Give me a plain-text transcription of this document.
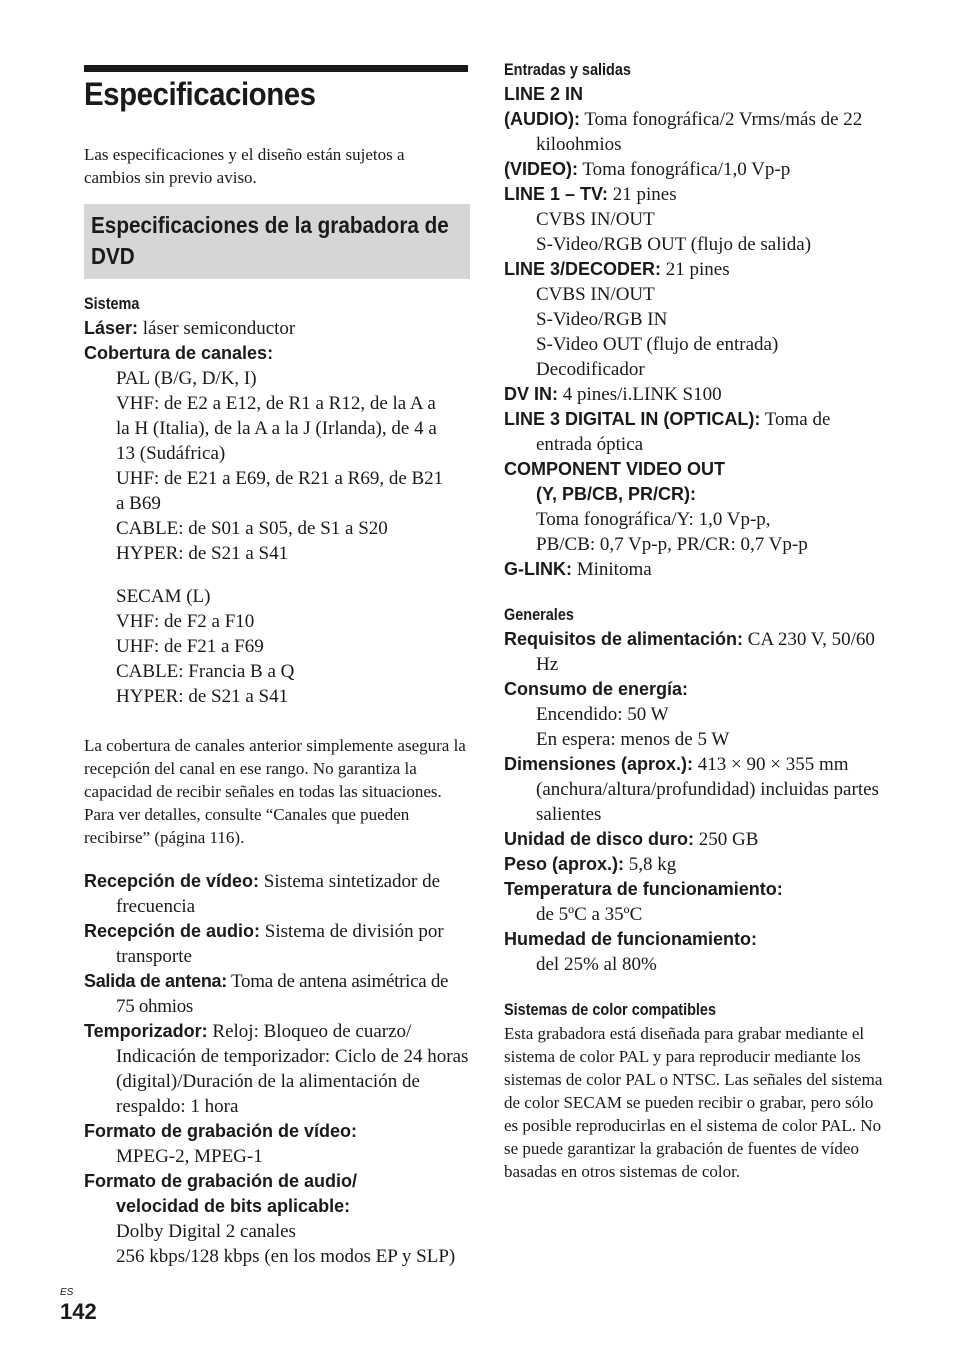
Especificaciones
Las especificaciones y el diseño están sujetos a cambios sin previo aviso.
Especificaciones de la grabadora de DVD
Sistema
Láser: láser semiconductor
Cobertura de canales:
PAL (B/G, D/K, I)
VHF: de E2 a E12, de R1 a R12, de la A a
la H (Italia), de la A a la J (Irlanda), de 4 a
13 (Sudáfrica)
UHF: de E21 a E69, de R21 a R69, de B21
a B69
CABLE: de S01 a S05, de S1 a S20
HYPER: de S21 a S41
SECAM (L)
VHF: de F2 a F10
UHF: de F21 a F69
CABLE: Francia B a Q
HYPER: de S21 a S41
La cobertura de canales anterior simplemente asegura la recepción del canal en ese rango. No garantiza la capacidad de recibir señales en todas las situaciones. Para ver detalles, consulte “Canales que pueden recibirse” (página 116).
Recepción de vídeo: Sistema sintetizador de frecuencia
Recepción de audio: Sistema de división por transporte
Salida de antena: Toma de antena asimétrica de 75 ohmios
Temporizador: Reloj: Bloqueo de cuarzo/ Indicación de temporizador: Ciclo de 24 horas (digital)/Duración de la alimentación de respaldo: 1 hora
Formato de grabación de vídeo:
MPEG-2, MPEG-1
Formato de grabación de audio/
velocidad de bits aplicable:
Dolby Digital 2 canales
256 kbps/128 kbps (en los modos EP y SLP)
Entradas y salidas
LINE 2 IN
(AUDIO): Toma fonográfica/2 Vrms/más de 22 kiloohmios
(VIDEO): Toma fonográfica/1,0 Vp-p
LINE 1 – TV: 21 pines
CVBS IN/OUT
S-Video/RGB OUT (flujo de salida)
LINE 3/DECODER: 21 pines
CVBS IN/OUT
S-Video/RGB IN
S-Video OUT (flujo de entrada)
Decodificador
DV IN: 4 pines/i.LINK S100
LINE 3 DIGITAL IN (OPTICAL): Toma de entrada óptica
COMPONENT VIDEO OUT
(Y, PB/CB, PR/CR):
Toma fonográfica/Y: 1,0 Vp-p,
PB/CB: 0,7 Vp-p, PR/CR: 0,7 Vp-p
G-LINK: Minitoma
Generales
Requisitos de alimentación: CA 230 V, 50/60 Hz
Consumo de energía:
Encendido: 50 W
En espera: menos de 5 W
Dimensiones (aprox.): 413 × 90 × 355 mm (anchura/altura/profundidad) incluidas partes salientes
Unidad de disco duro: 250 GB
Peso (aprox.): 5,8 kg
Temperatura de funcionamiento:
de 5ºC a 35ºC
Humedad de funcionamiento:
del 25% al 80%
Sistemas de color compatibles
Esta grabadora está diseñada para grabar mediante el sistema de color PAL y para reproducir mediante los sistemas de color PAL o NTSC. Las señales del sistema de color SECAM se pueden recibir o grabar, pero sólo es posible reproducirlas en el sistema de color PAL. No se puede garantizar la grabación de fuentes de vídeo basadas en otros sistemas de color.
ES
142
